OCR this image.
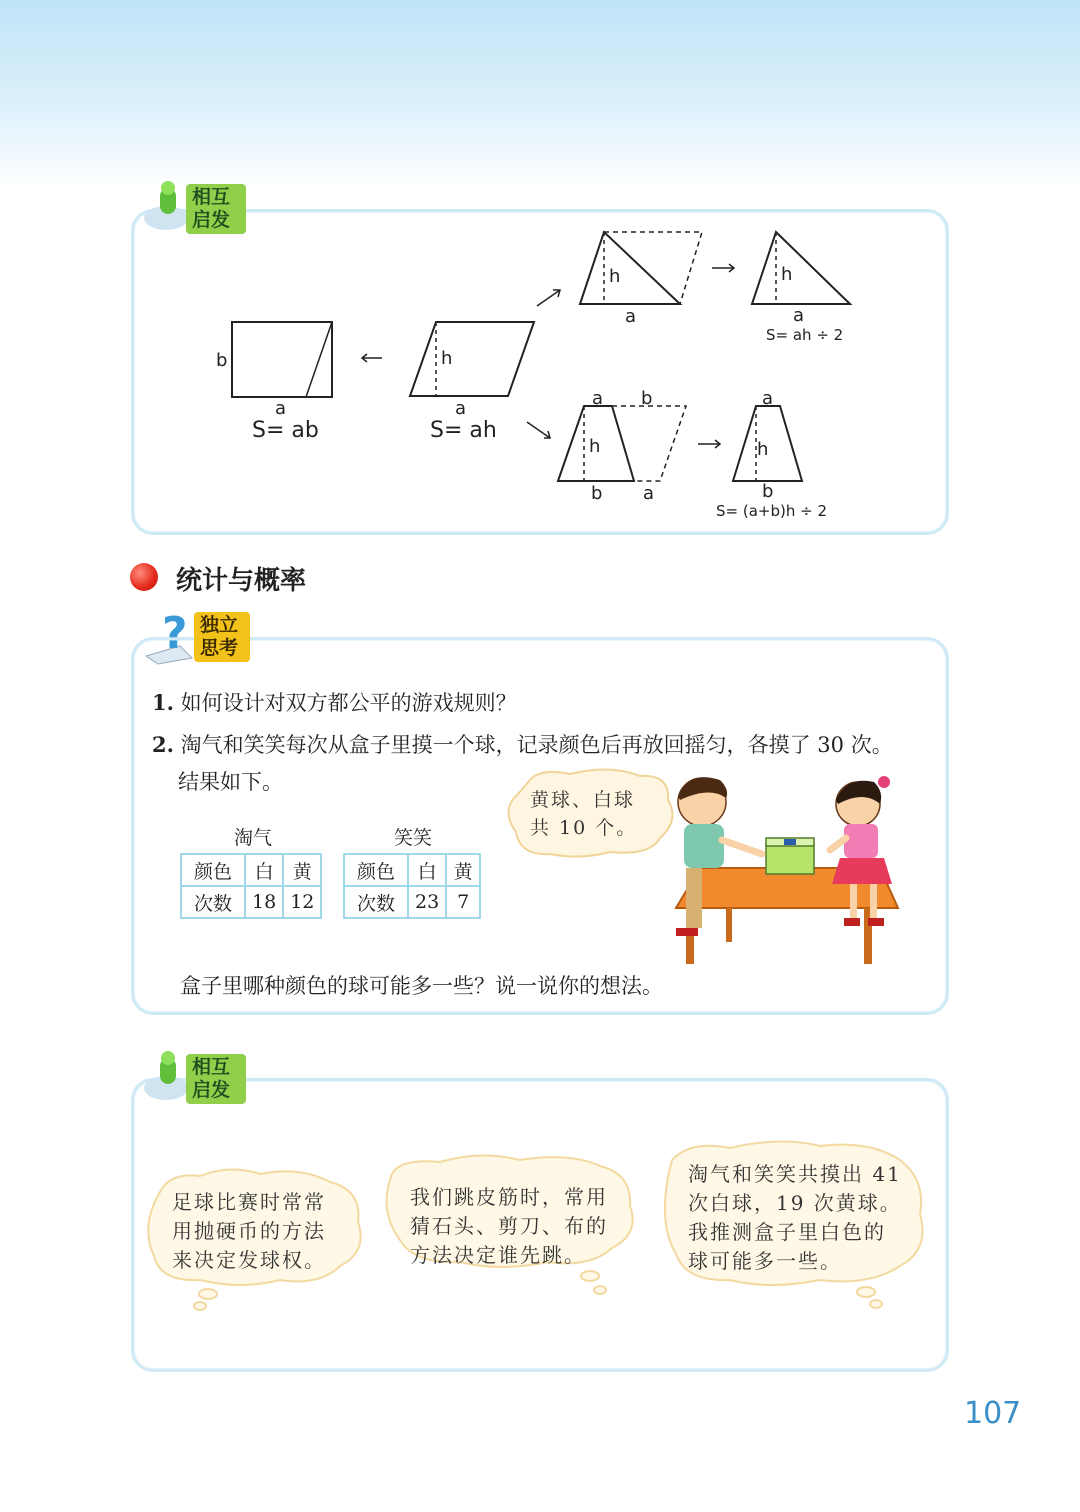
相互
启发
b
a
S= ab
h
a
S= ah
h
a
h
a
S= ah ÷ 2
a b
h
b a
a
h
b
S= (a+b)h ÷ 2
统计与概率
? 独立
思考
1. 如何设计对双方都公平的游戏规则？
2. 淘气和笑笑每次从盒子里摸一个球，记录颜色后再放回摇匀，各摸了 30 次。
结果如下。
淘气
颜色	白	黄
次数	18	12
笑笑
颜色	白	黄
次数	23	7
黄球、白球
共 10 个。
盒子里哪种颜色的球可能多一些？说一说你的想法。
相互
启发
足球比赛时常常
用抛硬币的方法
来决定发球权。
我们跳皮筋时，常用
猜石头、剪刀、布的
方法决定谁先跳。
淘气和笑笑共摸出 41
次白球，19 次黄球。
我推测盒子里白色的
球可能多一些。
107
